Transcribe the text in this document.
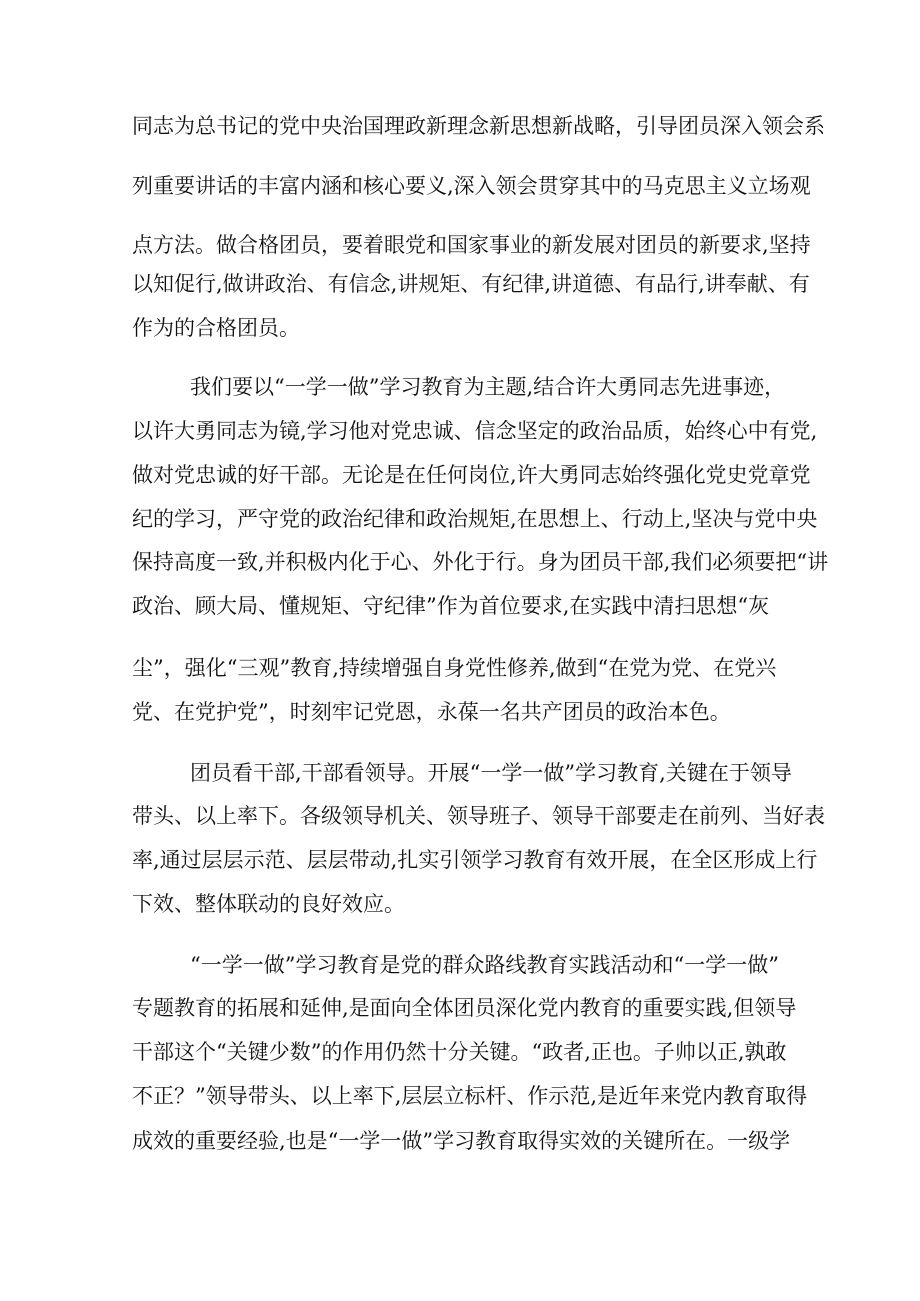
同志为总书记的党中央治国理政新理念新思想新战略，引导团员深入领会系

列重要讲话的丰富内涵和核心要义,深入领会贯穿其中的马克思主义立场观

点方法。做合格团员，要着眼党和国家事业的新发展对团员的新要求,坚持

以知促行,做讲政治、有信念,讲规矩、有纪律,讲道德、有品行,讲奉献、有

作为的合格团员。

我们要以“一学一做”学习教育为主题,结合许大勇同志先进事迹，

以许大勇同志为镜,学习他对党忠诚、信念坚定的政治品质，始终心中有党,

做对党忠诚的好干部。无论是在任何岗位,许大勇同志始终强化党史党章党

纪的学习，严守党的政治纪律和政治规矩,在思想上、行动上,坚决与党中央

保持高度一致,并积极内化于心、外化于行。身为团员干部,我们必须要把“讲

政治、顾大局、懂规矩、守纪律”作为首位要求,在实践中清扫思想“灰

尘”，强化“三观”教育,持续增强自身党性修养,做到“在党为党、在党兴

党、在党护党”，时刻牢记党恩，永葆一名共产团员的政治本色。

团员看干部,干部看领导。开展“一学一做”学习教育,关键在于领导

带头、以上率下。各级领导机关、领导班子、领导干部要走在前列、当好表

率,通过层层示范、层层带动,扎实引领学习教育有效开展，在全区形成上行

下效、整体联动的良好效应。

“一学一做”学习教育是党的群众路线教育实践活动和“一学一做”

专题教育的拓展和延伸,是面向全体团员深化党内教育的重要实践,但领导

干部这个“关键少数”的作用仍然十分关键。“政者,正也。子帅以正,孰敢

不正？”领导带头、以上率下,层层立标杆、作示范,是近年来党内教育取得

成效的重要经验,也是“一学一做”学习教育取得实效的关键所在。一级学
